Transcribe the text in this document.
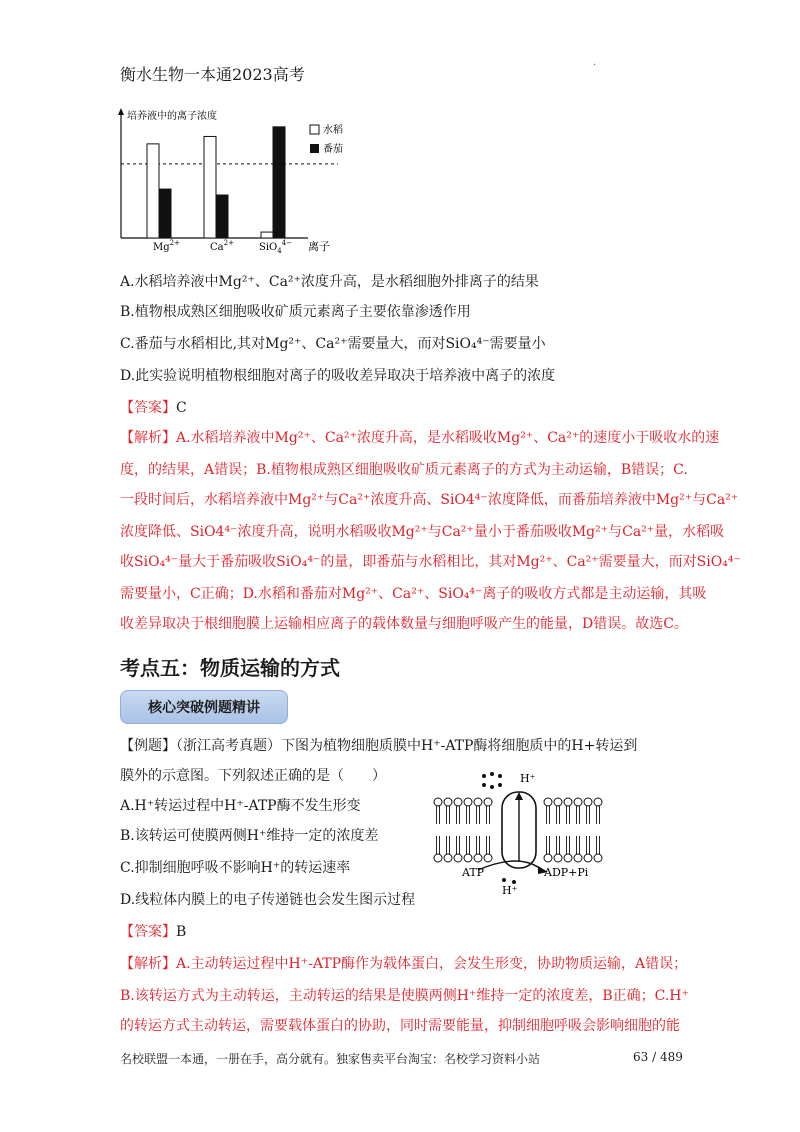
衡水生物一本通2023高考	·
培养液中的离子浓度
离子
$Mg^{2+}$	$Ca^{2+}$	SiO$_4^{4-}$
水稻
番茄
A.水稻培养液中Mg²⁺、Ca²⁺浓度升高，是水稻细胞外排离子的结果
B.植物根成熟区细胞吸收矿质元素离子主要依靠渗透作用
C.番茄与水稻相比,其对Mg²⁺、Ca²⁺需要量大，而对SiO₄⁴⁻需要量小
D.此实验说明植物根细胞对离子的吸收差异取决于培养液中离子的浓度
【答案】C
【解析】A.水稻培养液中Mg²⁺、Ca²⁺浓度升高，是水稻吸收Mg²⁺、Ca²⁺的速度小于吸收水的速
度，的结果，A错误；B.植物根成熟区细胞吸收矿质元素离子的方式为主动运输，B错误；C.
一段时间后，水稻培养液中Mg²⁺与Ca²⁺浓度升高、SiO4⁴⁻浓度降低，而番茄培养液中Mg²⁺与Ca²⁺
浓度降低、SiO4⁴⁻浓度升高，说明水稻吸收Mg²⁺与Ca²⁺量小于番茄吸收Mg²⁺与Ca²⁺量，水稻吸
收SiO₄⁴⁻量大于番茄吸收SiO₄⁴⁻的量，即番茄与水稻相比，其对Mg²⁺、Ca²⁺需要量大，而对SiO₄⁴⁻
需要量小，C正确；D.水稻和番茄对Mg²⁺、Ca²⁺、SiO₄⁴⁻离子的吸收方式都是主动运输，其吸
收差异取决于根细胞膜上运输相应离子的载体数量与细胞呼吸产生的能量，D错误。故选C。
考点五：物质运输的方式
核心突破例题精讲
【例题】（浙江高考真题）下图为植物细胞质膜中H⁺-ATP酶将细胞质中的H+转运到
膜外的示意图。下列叙述正确的是（　　）
A.H⁺转运过程中H⁺-ATP酶不发生形变
B.该转运可使膜两侧H⁺维持一定的浓度差
C.抑制细胞呼吸不影响H⁺的转运速率
D.线粒体内膜上的电子传递链也会发生图示过程
H⁺
ATP	ADP+Pi
H⁺
【答案】B
【解析】A.主动转运过程中H⁺-ATP酶作为载体蛋白，会发生形变，协助物质运输，A错误；
B.该转运方式为主动转运，主动转运的结果是使膜两侧H⁺维持一定的浓度差，B正确；C.H⁺
的转运方式主动转运，需要载体蛋白的协助，同时需要能量，抑制细胞呼吸会影响细胞的能
名校联盟一本通，一册在手，高分就有。独家售卖平台淘宝：名校学习资料小站	63 / 489
